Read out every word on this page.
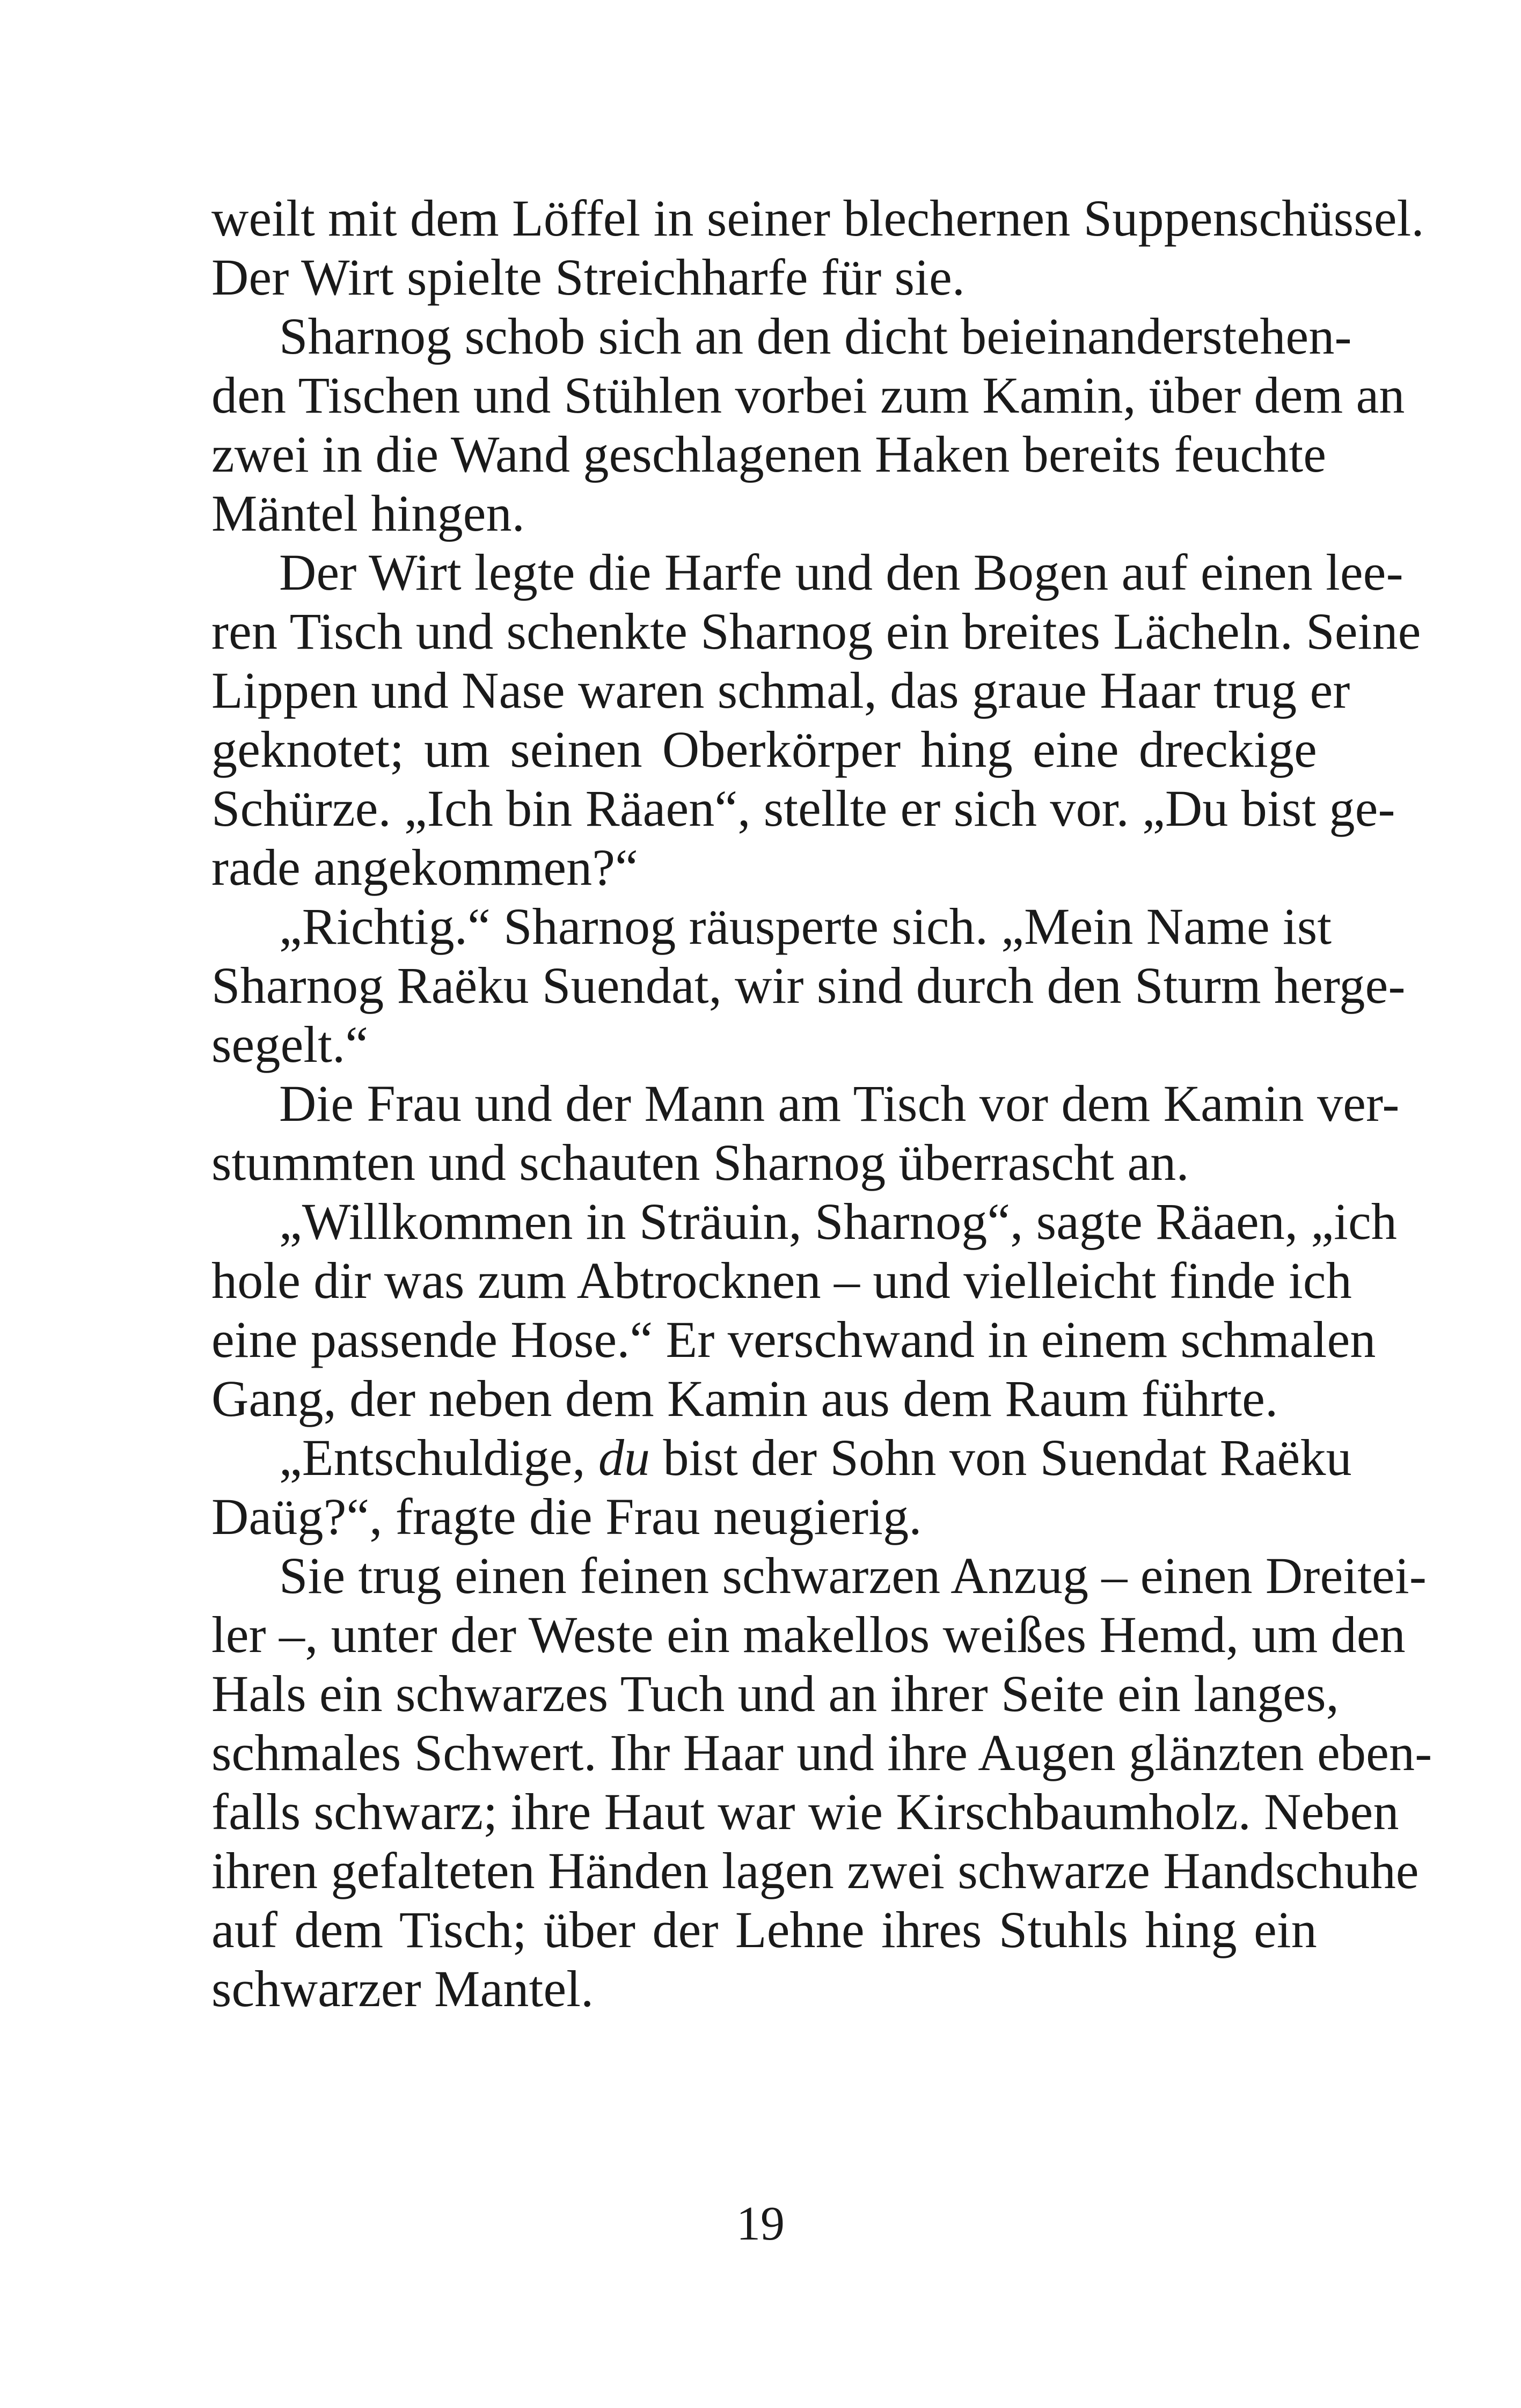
weilt mit dem Löffel in seiner blechernen Suppenschüssel.
Der Wirt spielte Streichharfe für sie.
Sharnog schob sich an den dicht beieinanderstehen-
den Tischen und Stühlen vorbei zum Kamin, über dem an
zwei in die Wand geschlagenen Haken bereits feuchte
Mäntel hingen.
Der Wirt legte die Harfe und den Bogen auf einen lee-
ren Tisch und schenkte Sharnog ein breites Lächeln. Seine
Lippen und Nase waren schmal, das graue Haar trug er
geknotet; um seinen Oberkörper hing eine dreckige
Schürze. „Ich bin Räaen“, stellte er sich vor. „Du bist ge-
rade angekommen?“
„Richtig.“ Sharnog räusperte sich. „Mein Name ist
Sharnog Raëku Suendat, wir sind durch den Sturm herge-
segelt.“
Die Frau und der Mann am Tisch vor dem Kamin ver-
stummten und schauten Sharnog überrascht an.
„Willkommen in Sträuin, Sharnog“, sagte Räaen, „ich
hole dir was zum Abtrocknen – und vielleicht finde ich
eine passende Hose.“ Er verschwand in einem schmalen
Gang, der neben dem Kamin aus dem Raum führte.
„Entschuldige, du bist der Sohn von Suendat Raëku
Daüg?“, fragte die Frau neugierig.
Sie trug einen feinen schwarzen Anzug – einen Dreitei-
ler –, unter der Weste ein makellos weißes Hemd, um den
Hals ein schwarzes Tuch und an ihrer Seite ein langes,
schmales Schwert. Ihr Haar und ihre Augen glänzten eben-
falls schwarz; ihre Haut war wie Kirschbaumholz. Neben
ihren gefalteten Händen lagen zwei schwarze Handschuhe
auf dem Tisch; über der Lehne ihres Stuhls hing ein
schwarzer Mantel.
19
